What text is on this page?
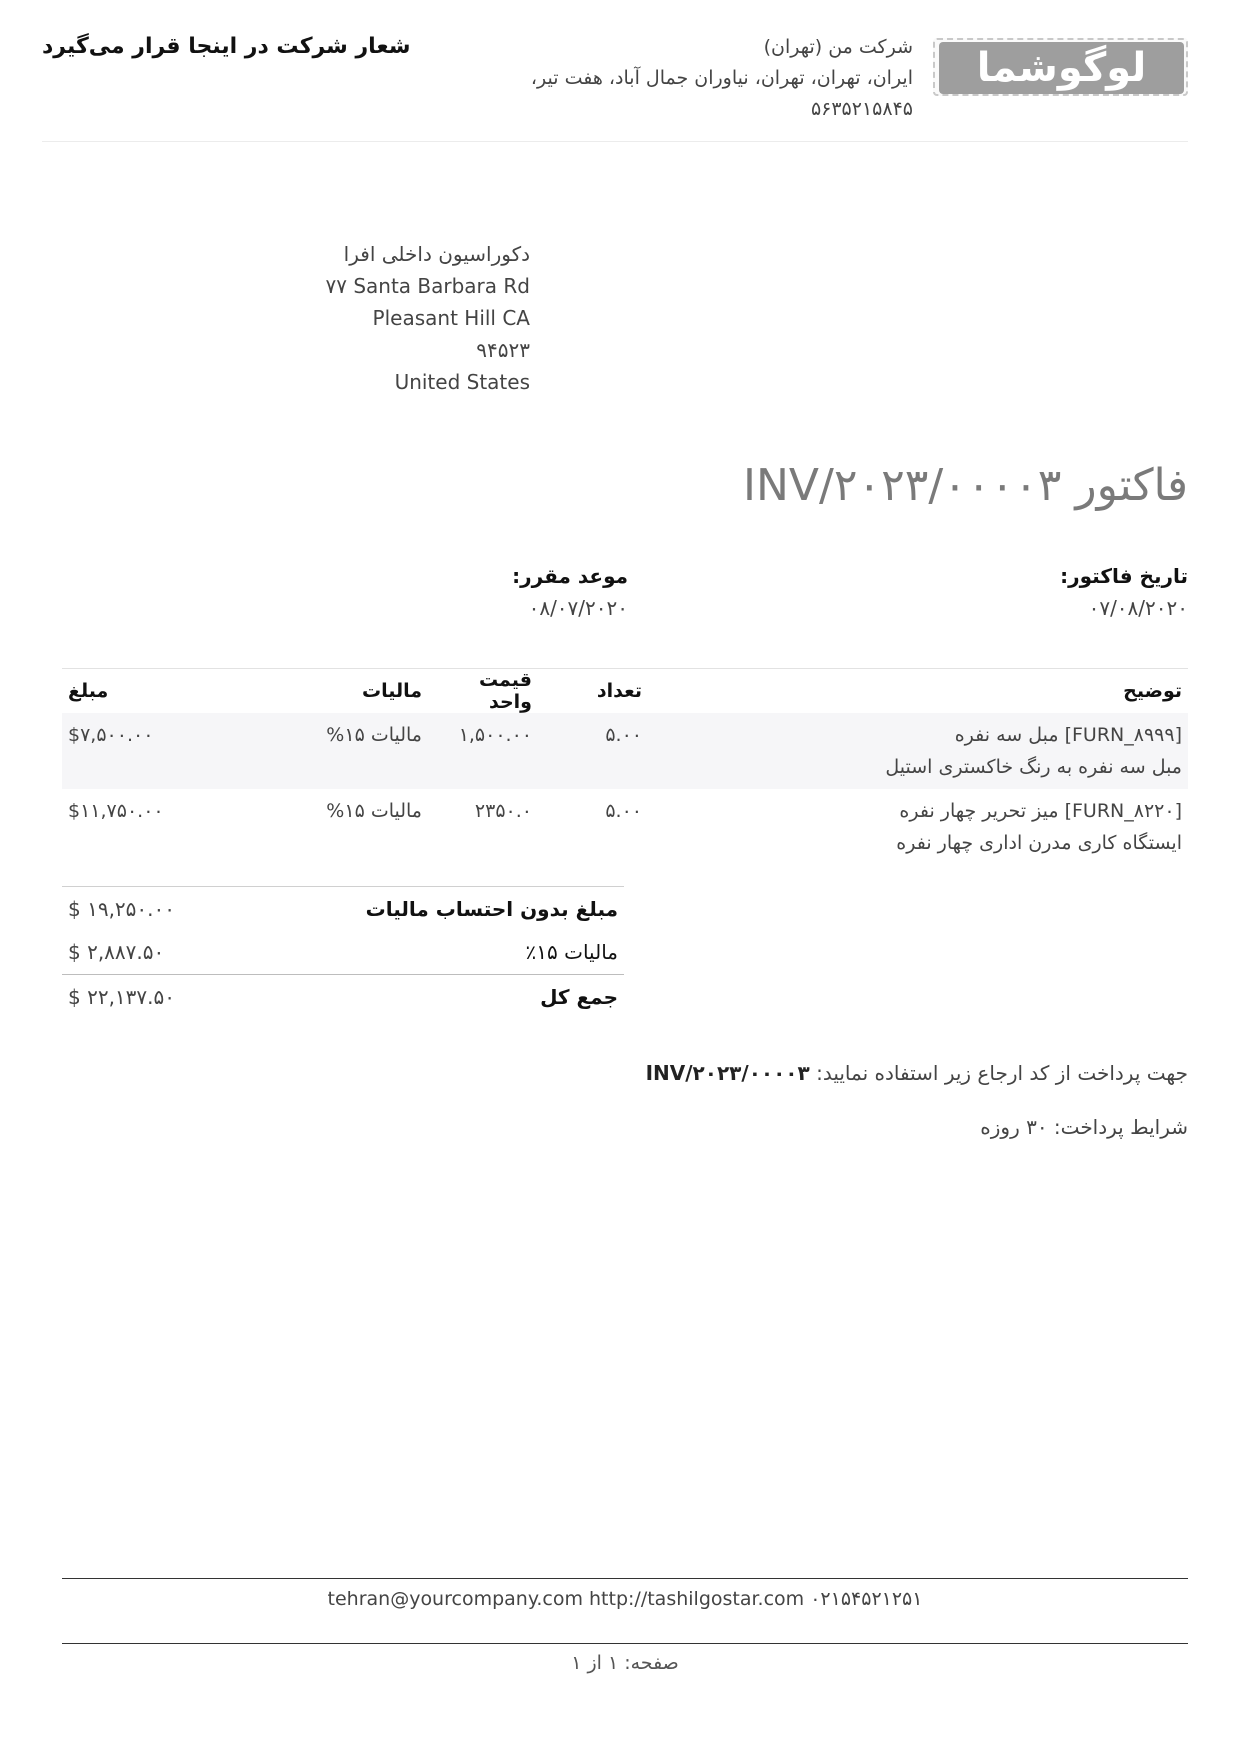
شعار شرکت در اینجا قرار می‌گیرد	شرکت من (تهران)
ایران، تهران، تهران، نیاوران جمال آباد، هفت تیر،
۵۶۳۵۲۱۵۸۴۵
لوگوشما
دکوراسیون داخلی افرا
۷۷ Santa Barbara Rd
Pleasant Hill CA
۹۴۵۲۳
United States
فاکتور INV/۲۰۲۳/۰۰۰۰۳
تاریخ فاکتور:
۰۷/۰۸/۲۰۲۰
موعد مقرر:
۰۸/۰۷/۲۰۲۰
توضیح	تعداد	قیمت واحد	مالیات	مبلغ

[FURN_۸۹۹۹] مبل سه نفره
مبل سه نفره به رنگ خاکستری استیل	۵.۰۰	۱,۵۰۰.۰۰	مالیات ۱۵%	$۷,۵۰۰.۰۰

[FURN_۸۲۲۰] میز تحریر چهار نفره
ایستگاه کاری مدرن اداری چهار نفره	۵.۰۰	۲۳۵۰.۰	مالیات ۱۵%	$۱۱,۷۵۰.۰۰
مبلغ بدون احتساب مالیات
$ ۱۹,۲۵۰.۰۰
مالیات ۱۵٪
$ ۲,۸۸۷.۵۰
جمع کل
$ ۲۲,۱۳۷.۵۰
جهت پرداخت از کد ارجاع زیر استفاده نمایید: INV/۲۰۲۳/۰۰۰۰۳
شرایط پرداخت: ۳۰ روزه
tehran@yourcompany.com http://tashilgostar.com ۰۲۱۵۴۵۲۱۲۵۱
صفحه: ۱ از ۱
